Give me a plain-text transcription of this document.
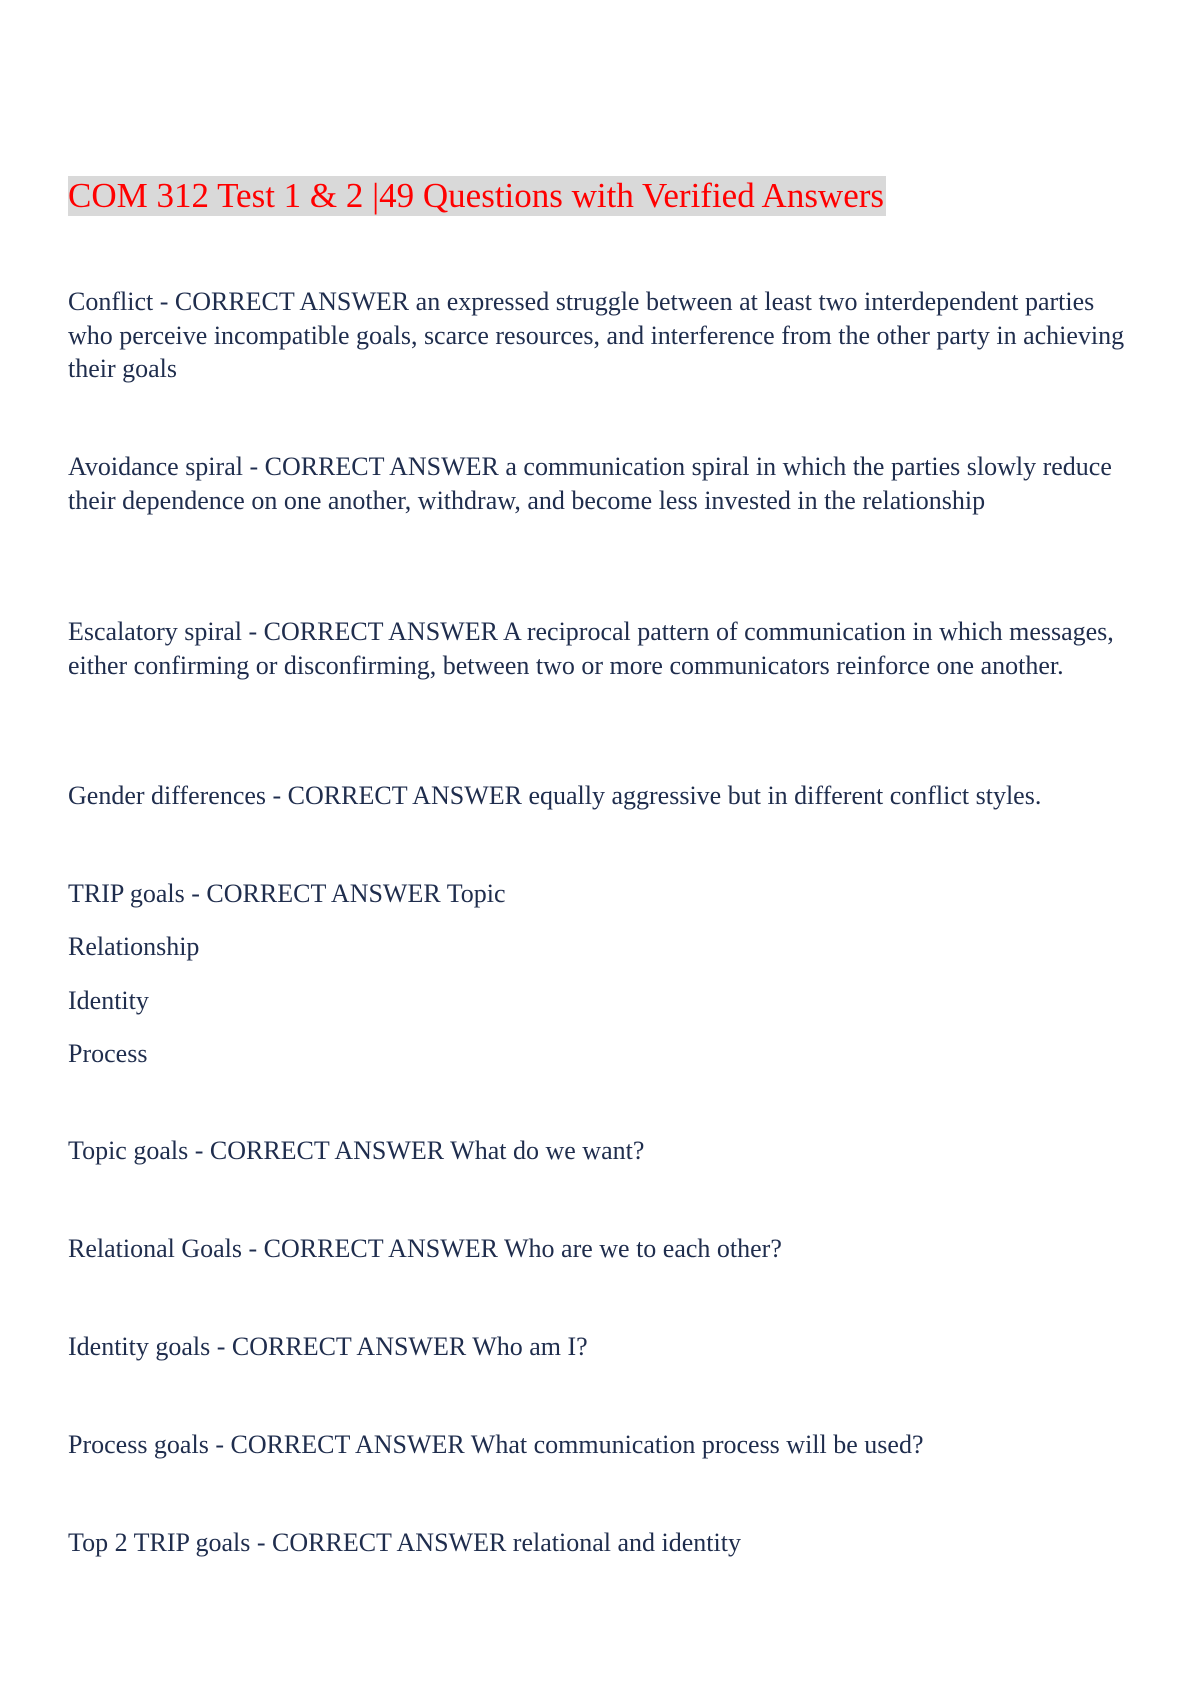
COM 312 Test 1 & 2 |49 Questions with Verified Answers

Conflict - CORRECT ANSWER an expressed struggle between at least two interdependent parties who perceive incompatible goals, scarce resources, and interference from the other party in achieving their goals

Avoidance spiral - CORRECT ANSWER a communication spiral in which the parties slowly reduce their dependence on one another, withdraw, and become less invested in the relationship

Escalatory spiral - CORRECT ANSWER A reciprocal pattern of communication in which messages, either confirming or disconfirming, between two or more communicators reinforce one another.

Gender differences - CORRECT ANSWER equally aggressive but in different conflict styles.

TRIP goals - CORRECT ANSWER Topic
Relationship
Identity
Process

Topic goals - CORRECT ANSWER What do we want?

Relational Goals - CORRECT ANSWER Who are we to each other?

Identity goals - CORRECT ANSWER Who am I?

Process goals - CORRECT ANSWER What communication process will be used?

Top 2 TRIP goals - CORRECT ANSWER relational and identity
